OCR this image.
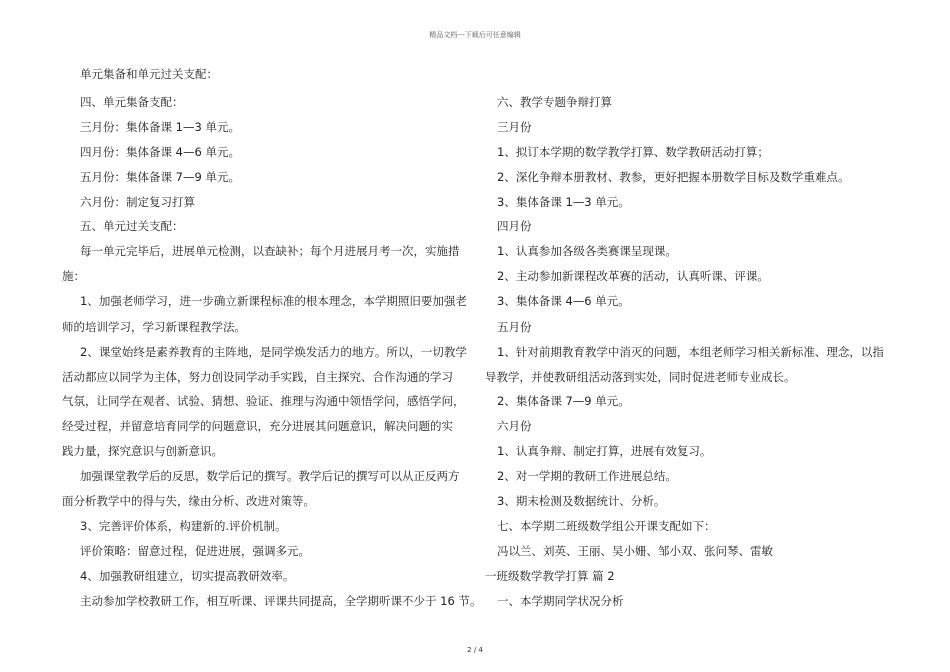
精品文档---下载后可任意编辑

单元集备和单元过关支配：

四、单元集备支配：

三月份：集体备课 1—3 单元。

四月份：集体备课 4—6 单元。

五月份：集体备课 7—9 单元。

六月份：制定复习打算

五、单元过关支配：

每一单元完毕后，进展单元检测，以查缺补；每个月进展月考一次，实施措

施：

1、加强老师学习，进一步确立新课程标准的根本理念，本学期照旧要加强老

师的培训学习，学习新课程教学法。

2、课堂始终是素养教育的主阵地，是同学焕发活力的地方。所以，一切教学

活动都应以同学为主体，努力创设同学动手实践，自主探究、合作沟通的学习

气氛，让同学在观者、试验、猜想、验证、推理与沟通中领悟学问，感悟学问，

经受过程，并留意培育同学的问题意识，充分进展其问题意识，解决问题的实

践力量，探究意识与创新意识。

加强课堂教学后的反思，数学后记的撰写。教学后记的撰写可以从正反两方

面分析教学中的得与失，缘由分析、改进对策等。

3、完善评价体系，构建新的.评价机制。

评价策略：留意过程，促进进展，强调多元。

4、加强教研组建立，切实提高教研效率。

主动参加学校教研工作，相互听课、评课共同提高，全学期听课不少于 16 节。

六、教学专题争辩打算

三月份

1、拟订本学期的数学教学打算、数学教研活动打算；

2、深化争辩本册教材、教参，更好把握本册数学目标及数学重难点。

3、集体备课 1—3 单元。

四月份

1、认真参加各级各类赛课呈现课。

2、主动参加新课程改革赛的活动，认真听课、评课。

3、集体备课 4—6 单元。

五月份

1、针对前期教育教学中消灭的问题，本组老师学习相关新标准、理念，以指

导教学，并使教研组活动落到实处，同时促进老师专业成长。

2、集体备课 7—9 单元。

六月份

1、认真争辩、制定打算，进展有效复习。

2、对一学期的教研工作进展总结。

3、期末检测及数据统计、分析。

七、本学期二班级数学组公开课支配如下：

冯以兰、刘英、王丽、吴小姗、邹小双、张问琴、雷敏

一班级数学教学打算 篇 2

一、本学期同学状况分析

2 / 4
